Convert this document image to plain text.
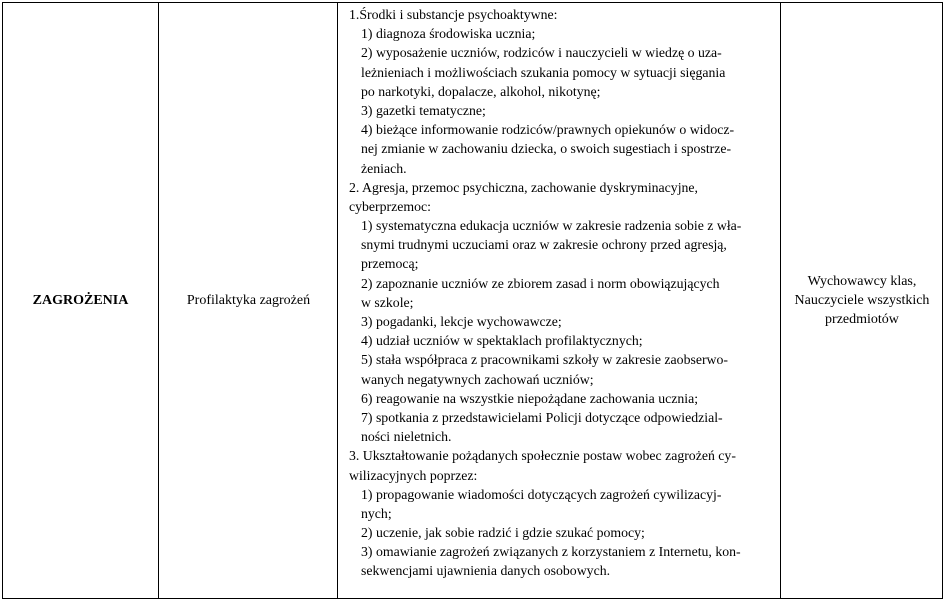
ZAGROŻENIA	Profilaktyka zagrożeń
1.Środki i substancje psychoaktywne:
1) diagnoza środowiska ucznia;
2) wyposażenie uczniów, rodziców i nauczycieli w wiedzę o uza-
leżnieniach i możliwościach szukania pomocy w sytuacji sięgania
po narkotyki, dopalacze, alkohol, nikotynę;
3) gazetki tematyczne;
4) bieżące informowanie rodziców/prawnych opiekunów o widocz-
nej zmianie w zachowaniu dziecka, o swoich sugestiach i spostrze-
żeniach.
2. Agresja, przemoc psychiczna, zachowanie dyskryminacyjne,
cyberprzemoc:
1) systematyczna edukacja uczniów w zakresie radzenia sobie z wła-
snymi trudnymi uczuciami oraz w zakresie ochrony przed agresją,
przemocą;
2) zapoznanie uczniów ze zbiorem zasad i norm obowiązujących
w szkole;
3) pogadanki, lekcje wychowawcze;
4) udział uczniów w spektaklach profilaktycznych;
5) stała współpraca z pracownikami szkoły w zakresie zaobserwo-
wanych negatywnych zachowań uczniów;
6) reagowanie na wszystkie niepożądane zachowania ucznia;
7) spotkania z przedstawicielami Policji dotyczące odpowiedzial-
ności nieletnich.
3. Ukształtowanie pożądanych społecznie postaw wobec zagrożeń cy-
wilizacyjnych poprzez:
1) propagowanie wiadomości dotyczących zagrożeń cywilizacyj-
nych;
2) uczenie, jak sobie radzić i gdzie szukać pomocy;
3) omawianie zagrożeń związanych z korzystaniem z Internetu, kon-
sekwencjami ujawnienia danych osobowych.
Wychowawcy klas,
Nauczyciele wszystkich
przedmiotów
